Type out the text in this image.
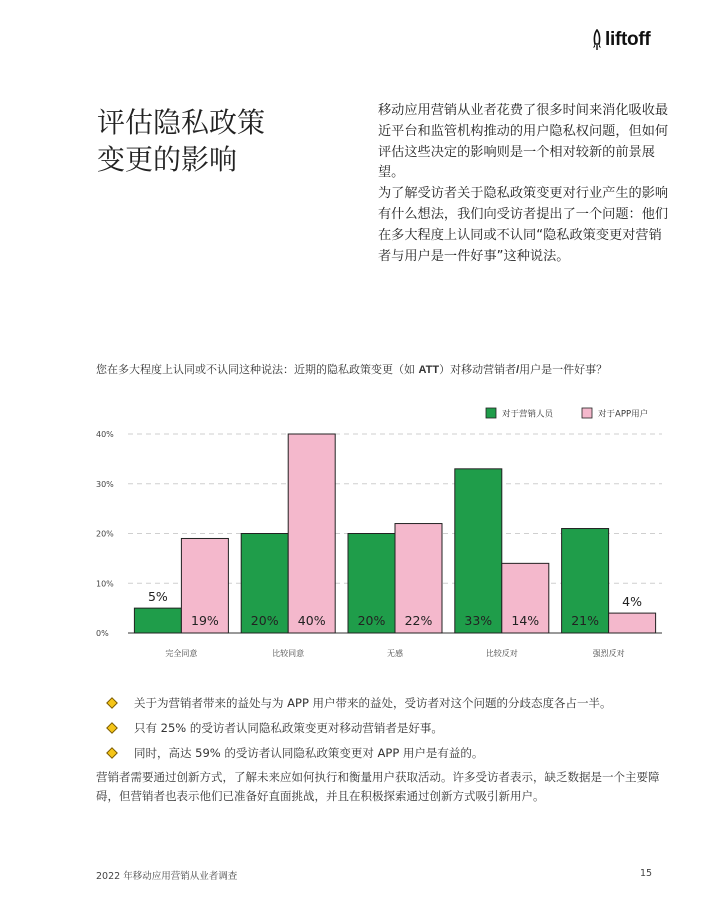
liftoff
评估隐私政策
变更的影响

移动应用营销从业者花费了很多时间来消化吸收最近平台和监管机构推动的用户隐私权问题，但如何评估这些决定的影响则是一个相对较新的前景展望。

为了解受访者关于隐私政策变更对行业产生的影响有什么想法，我们向受访者提出了一个问题：他们在多大程度上认同或不认同“隐私政策变更对营销者与用户是一件好事”这种说法。

您在多大程度上认同或不认同这种说法：近期的隐私政策变更（如 ATT）对移动营销者/用户是一件好事？
0%
10%
20%
30%
40%
5%
19%
完全同意
20% 40%
比较同意
20% 22%
无感
33% 14%
比较反对
21%
4%
强烈反对
对于营销人员	对于APP用户
关于为营销者带来的益处与为 APP 用户带来的益处，受访者对这个问题的分歧态度各占一半。
只有 25% 的受访者认同隐私政策变更对移动营销者是好事。
同时，高达 59% 的受访者认同隐私政策变更对 APP 用户是有益的。

营销者需要通过创新方式，了解未来应如何执行和衡量用户获取活动。许多受访者表示，缺乏数据是一个主要障碍，但营销者也表示他们已准备好直面挑战，并且在积极探索通过创新方式吸引新用户。

2022 年移动应用营销从业者调查	15
